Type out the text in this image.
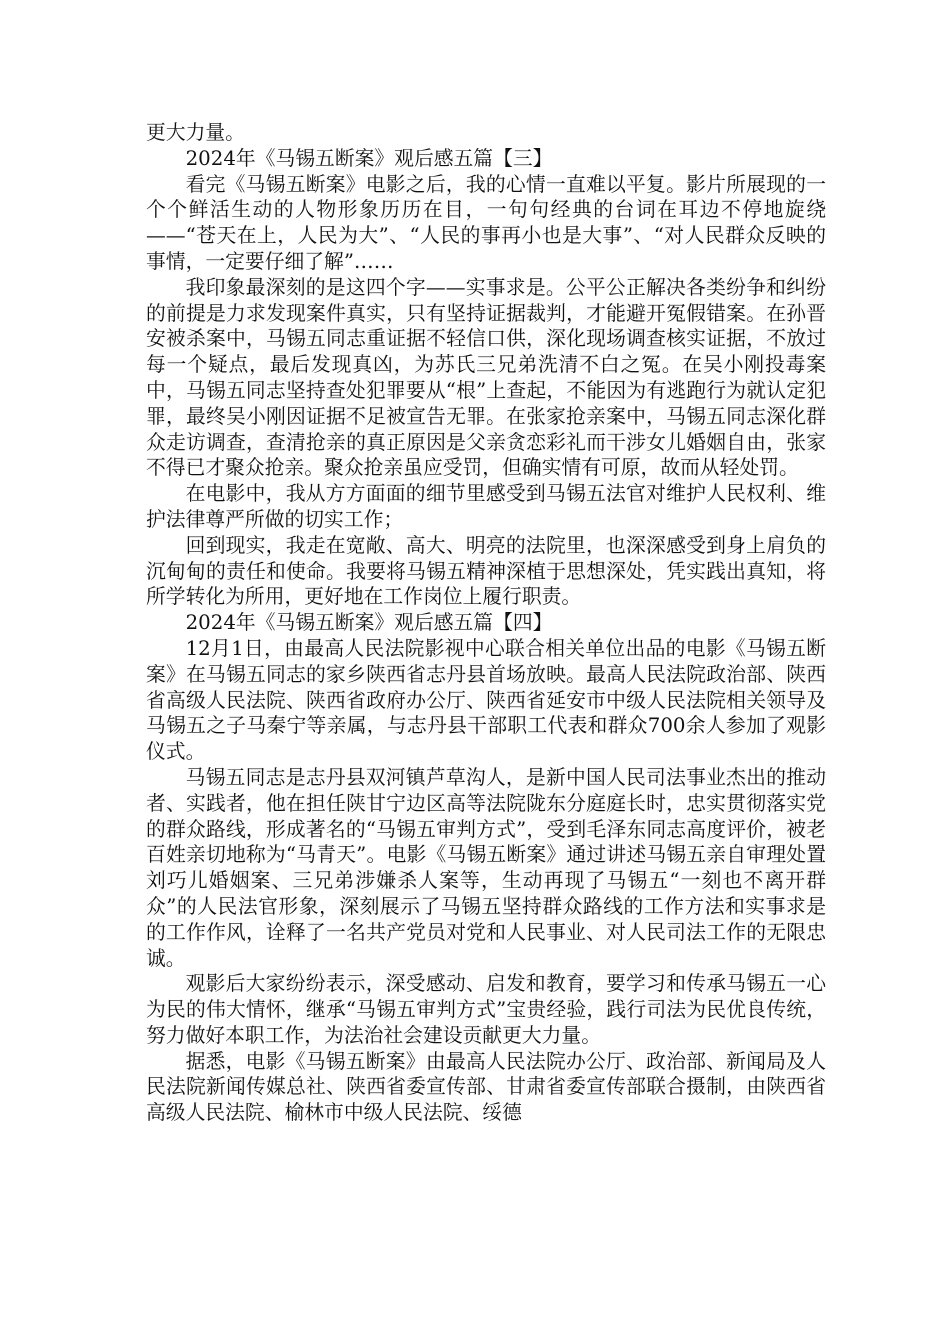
更大力量。

2024年《马锡五断案》观后感五篇【三】

看完《马锡五断案》电影之后，我的心情一直难以平复。影片所展现的一个个鲜活生动的人物形象历历在目，一句句经典的台词在耳边不停地旋绕——“苍天在上，人民为大”、“人民的事再小也是大事”、“对人民群众反映的事情，一定要仔细了解”……

我印象最深刻的是这四个字——实事求是。公平公正解决各类纷争和纠纷的前提是力求发现案件真实，只有坚持证据裁判，才能避开冤假错案。在孙晋安被杀案中，马锡五同志重证据不轻信口供，深化现场调查核实证据，不放过每一个疑点，最后发现真凶，为苏氏三兄弟洗清不白之冤。在吴小刚投毒案中，马锡五同志坚持查处犯罪要从“根”上查起，不能因为有逃跑行为就认定犯罪，最终吴小刚因证据不足被宣告无罪。在张家抢亲案中，马锡五同志深化群众走访调查，查清抢亲的真正原因是父亲贪恋彩礼而干涉女儿婚姻自由，张家不得已才聚众抢亲。聚众抢亲虽应受罚，但确实情有可原，故而从轻处罚。

在电影中，我从方方面面的细节里感受到马锡五法官对维护人民权利、维护法律尊严所做的切实工作；

回到现实，我走在宽敞、高大、明亮的法院里，也深深感受到身上肩负的沉甸甸的责任和使命。我要将马锡五精神深植于思想深处，凭实践出真知，将所学转化为所用，更好地在工作岗位上履行职责。

2024年《马锡五断案》观后感五篇【四】

12月1日，由最高人民法院影视中心联合相关单位出品的电影《马锡五断案》在马锡五同志的家乡陕西省志丹县首场放映。最高人民法院政治部、陕西省高级人民法院、陕西省政府办公厅、陕西省延安市中级人民法院相关领导及马锡五之子马秦宁等亲属，与志丹县干部职工代表和群众700余人参加了观影仪式。

马锡五同志是志丹县双河镇芦草沟人，是新中国人民司法事业杰出的推动者、实践者，他在担任陕甘宁边区高等法院陇东分庭庭长时，忠实贯彻落实党的群众路线，形成著名的“马锡五审判方式”，受到毛泽东同志高度评价，被老百姓亲切地称为“马青天”。电影《马锡五断案》通过讲述马锡五亲自审理处置刘巧儿婚姻案、三兄弟涉嫌杀人案等，生动再现了马锡五“一刻也不离开群众”的人民法官形象，深刻展示了马锡五坚持群众路线的工作方法和实事求是的工作作风，诠释了一名共产党员对党和人民事业、对人民司法工作的无限忠诚。

观影后大家纷纷表示，深受感动、启发和教育，要学习和传承马锡五一心为民的伟大情怀，继承“马锡五审判方式”宝贵经验，践行司法为民优良传统，努力做好本职工作，为法治社会建设贡献更大力量。

据悉，电影《马锡五断案》由最高人民法院办公厅、政治部、新闻局及人民法院新闻传媒总社、陕西省委宣传部、甘肃省委宣传部联合摄制，由陕西省高级人民法院、榆林市中级人民法院、绥德
